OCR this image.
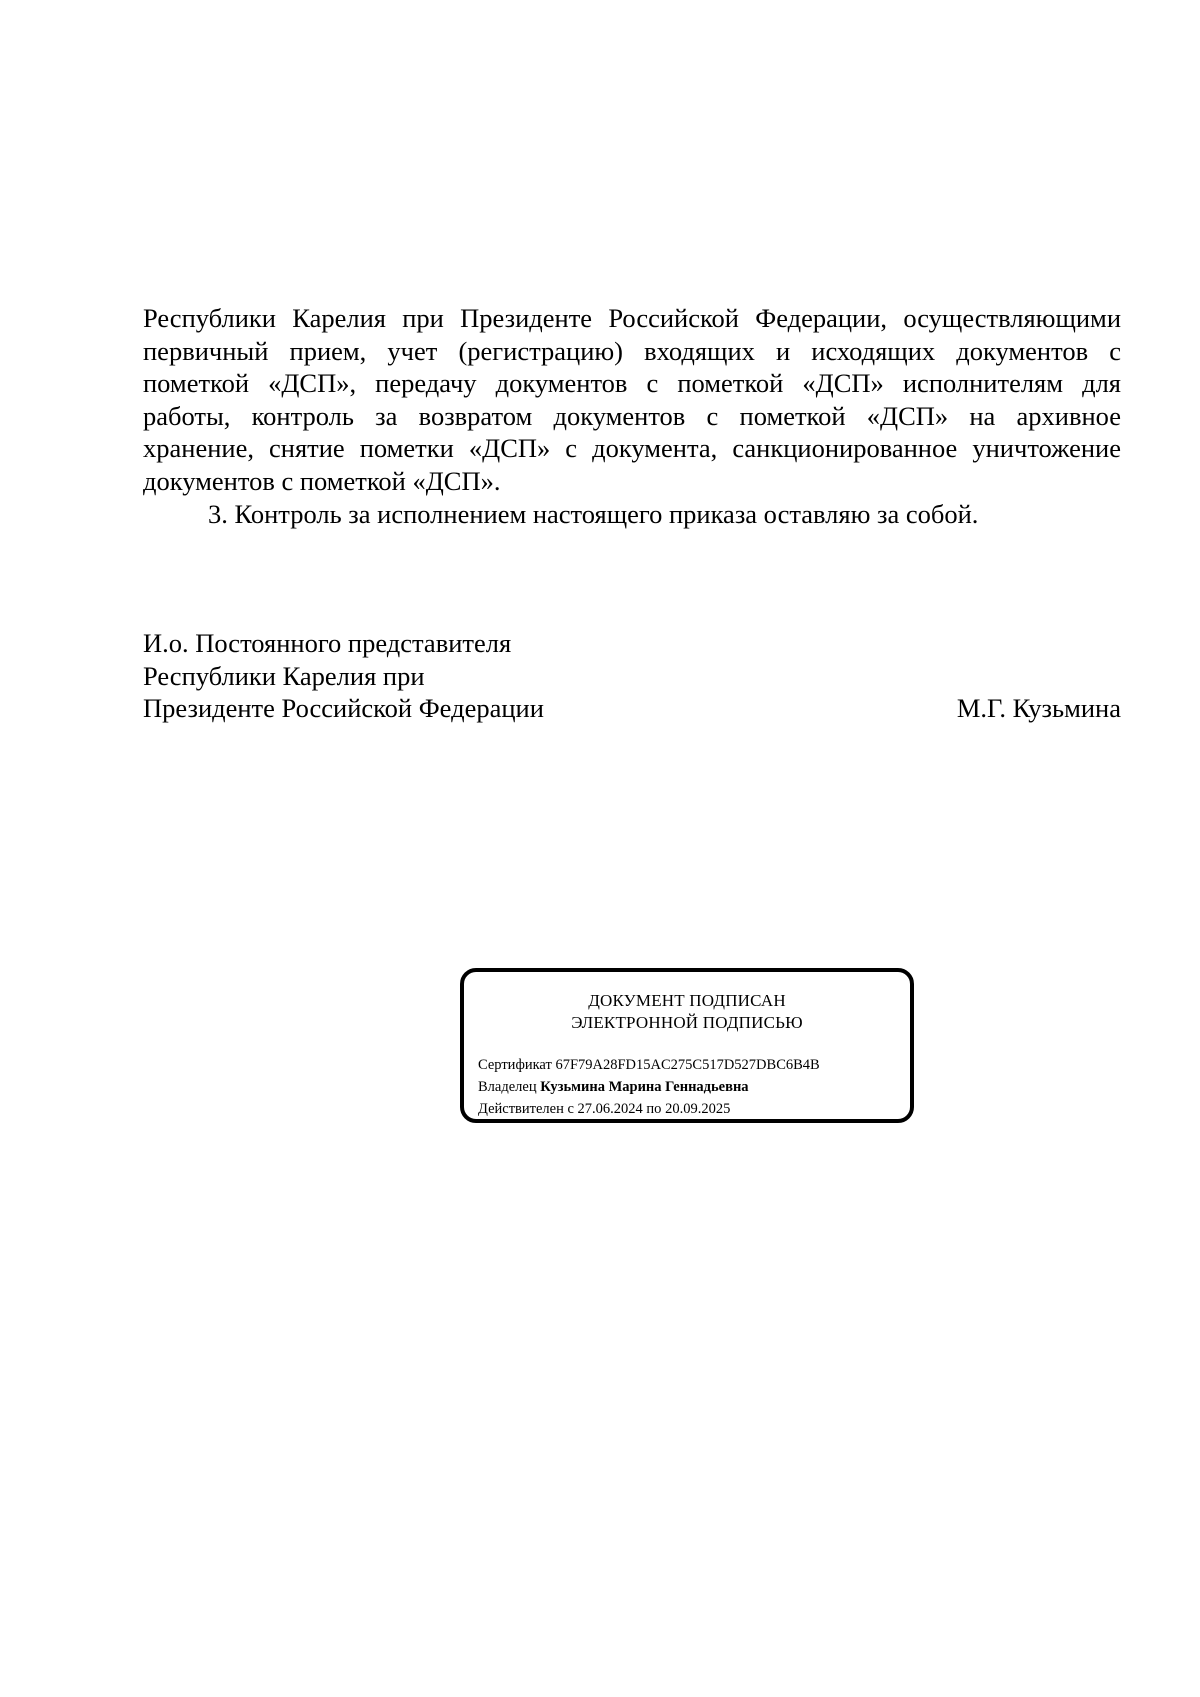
Республики Карелия при Президенте Российской Федерации, осуществляющими

первичный прием, учет (регистрацию) входящих и исходящих документов с

пометкой «ДСП», передачу документов с пометкой «ДСП» исполнителям для

работы, контроль за возвратом документов с пометкой «ДСП» на архивное

хранение, снятие пометки «ДСП» с документа, санкционированное уничтожение

документов с пометкой «ДСП».

3. Контроль за исполнением настоящего приказа оставляю за собой.

И.о. Постоянного представителя
Республики Карелия при
Президенте Российской Федерации	М.Г. Кузьмина
ДОКУМЕНТ ПОДПИСАН
ЭЛЕКТРОННОЙ ПОДПИСЬЮ
Сертификат 67F79A28FD15AC275C517D527DBC6B4B
Владелец Кузьмина Марина Геннадьевна
Действителен с 27.06.2024 по 20.09.2025
